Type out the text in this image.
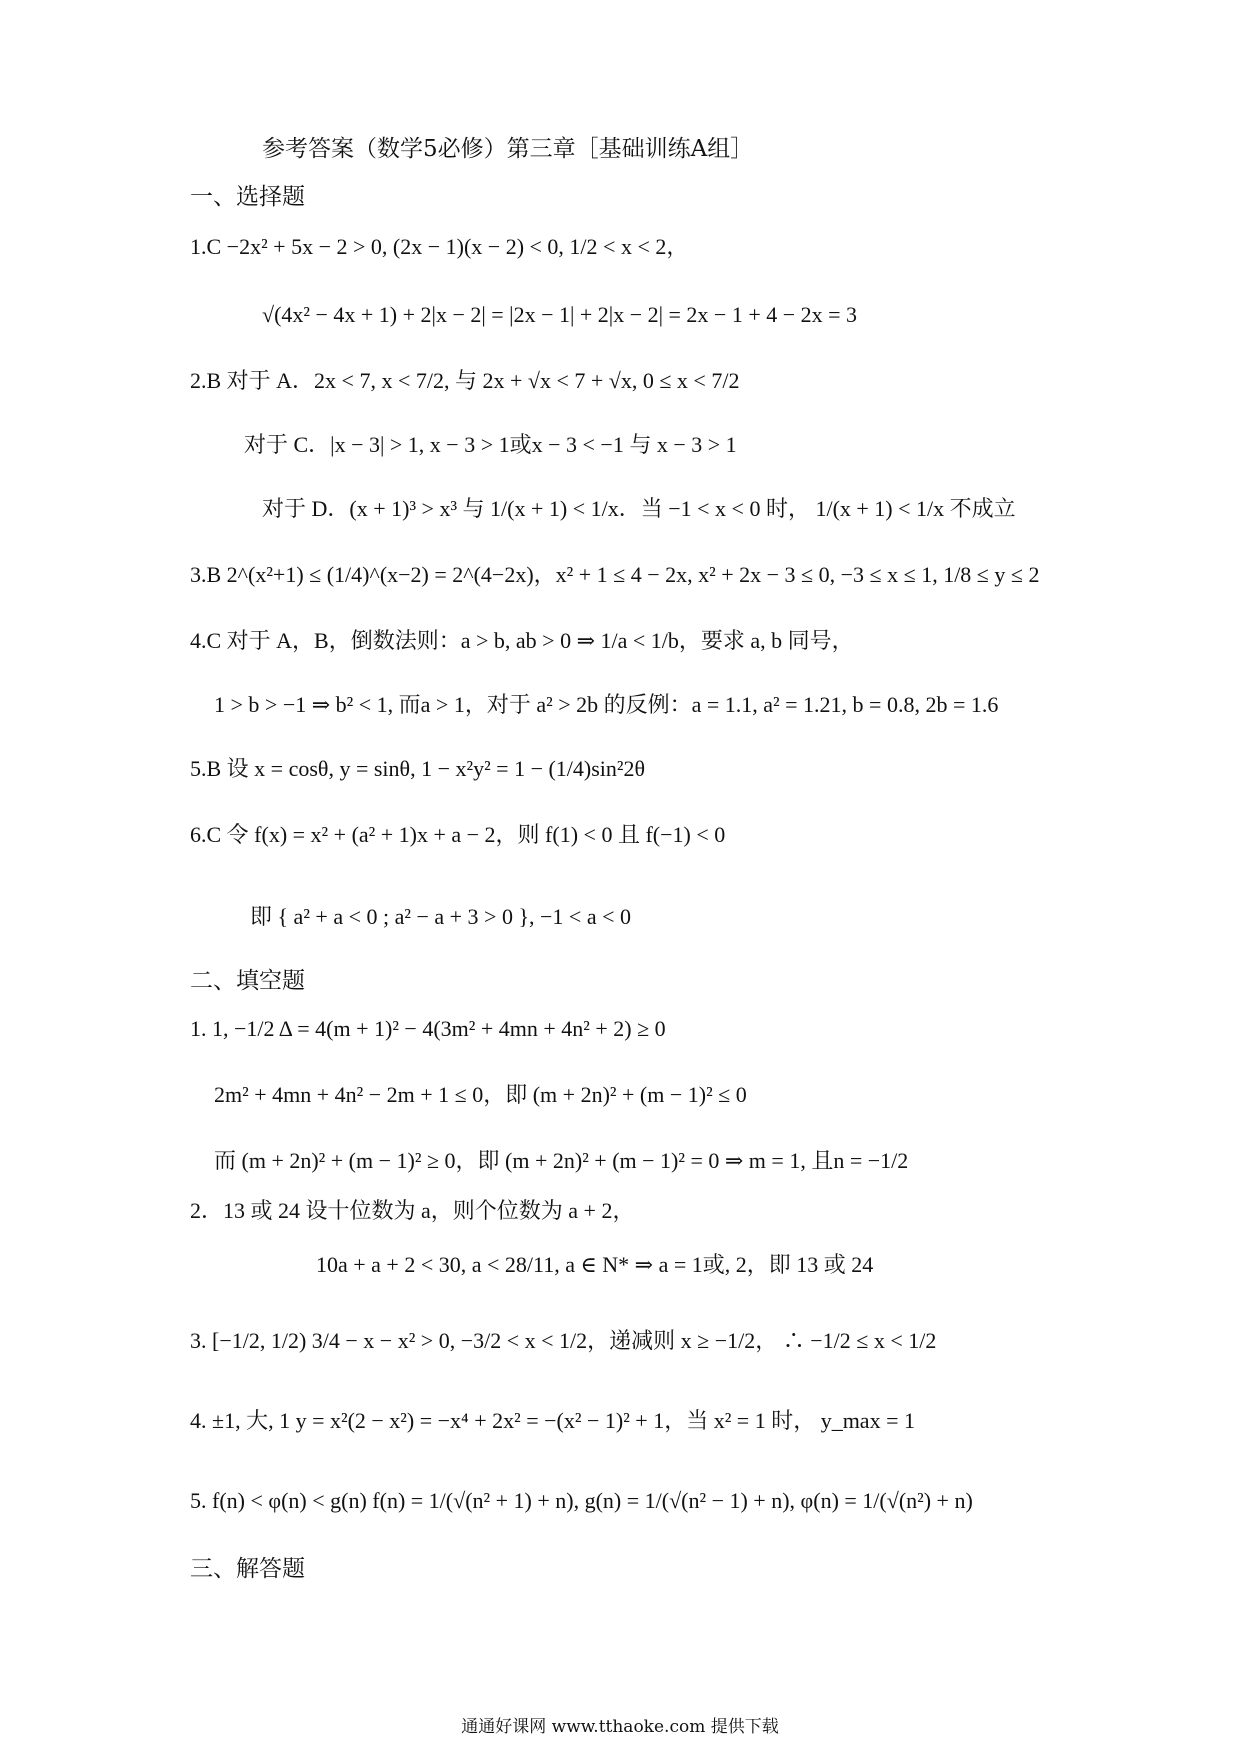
参考答案（数学5必修）第三章［基础训练A组］
一、选择题
1.C −2x² + 5x − 2 > 0, (2x − 1)(x − 2) < 0, 1/2 < x < 2，
√(4x² − 4x + 1) + 2|x − 2| = |2x − 1| + 2|x − 2| = 2x − 1 + 4 − 2x = 3
2.B 对于 A．2x < 7, x < 7/2, 与 2x + √x < 7 + √x, 0 ≤ x < 7/2
对于 C．|x − 3| > 1, x − 3 > 1或x − 3 < −1 与 x − 3 > 1
对于 D．(x + 1)³ > x³ 与 1/(x + 1) < 1/x．当 −1 < x < 0 时， 1/(x + 1) < 1/x 不成立
3.B 2^(x²+1) ≤ (1/4)^(x−2) = 2^(4−2x)，x² + 1 ≤ 4 − 2x, x² + 2x − 3 ≤ 0, −3 ≤ x ≤ 1, 1/8 ≤ y ≤ 2
4.C 对于 A，B，倒数法则：a > b, ab > 0 ⇒ 1/a < 1/b，要求 a, b 同号，
1 > b > −1 ⇒ b² < 1, 而a > 1，对于 a² > 2b 的反例：a = 1.1, a² = 1.21, b = 0.8, 2b = 1.6
5.B 设 x = cosθ, y = sinθ, 1 − x²y² = 1 − (1/4)sin²2θ
6.C 令 f(x) = x² + (a² + 1)x + a − 2，则 f(1) < 0 且 f(−1) < 0
即 { a² + a < 0 ; a² − a + 3 > 0 }, −1 < a < 0
二、填空题
1. 1, −1/2 Δ = 4(m + 1)² − 4(3m² + 4mn + 4n² + 2) ≥ 0
2m² + 4mn + 4n² − 2m + 1 ≤ 0，即 (m + 2n)² + (m − 1)² ≤ 0
而 (m + 2n)² + (m − 1)² ≥ 0，即 (m + 2n)² + (m − 1)² = 0 ⇒ m = 1, 且n = −1/2
2．13 或 24 设十位数为 a，则个位数为 a + 2，
10a + a + 2 < 30, a < 28/11, a ∈ N* ⇒ a = 1或, 2，即 13 或 24
3. [−1/2, 1/2) 3/4 − x − x² > 0, −3/2 < x < 1/2，递减则 x ≥ −1/2， ∴ −1/2 ≤ x < 1/2
4. ±1, 大, 1 y = x²(2 − x²) = −x⁴ + 2x² = −(x² − 1)² + 1，当 x² = 1 时， y_max = 1
5. f(n) < φ(n) < g(n) f(n) = 1/(√(n² + 1) + n), g(n) = 1/(√(n² − 1) + n), φ(n) = 1/(√(n²) + n)
三、解答题
通通好课网 www.tthaoke.com 提供下载
